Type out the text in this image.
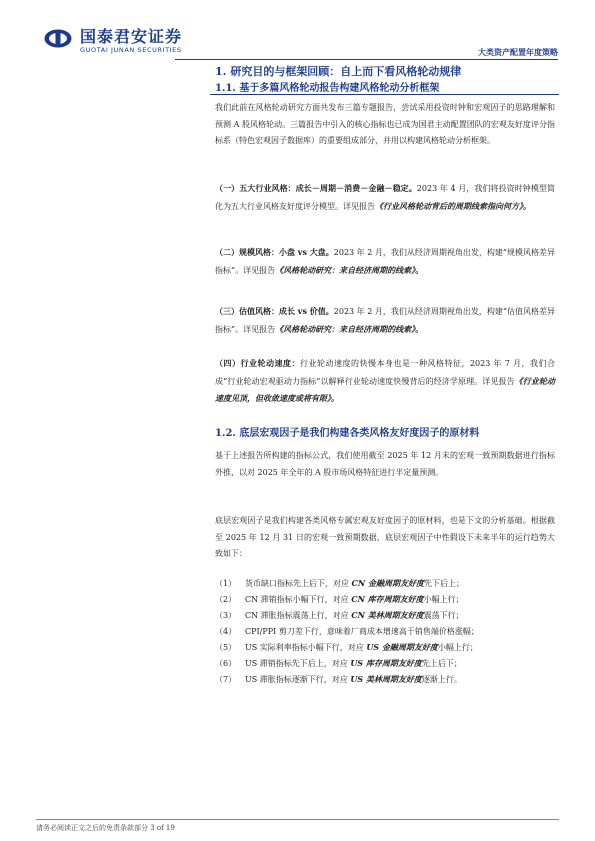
国泰君安证券
GUOTAI JUNAN SECURITIES	大类资产配置年度策略
1. 研究目的与框架回顾：自上而下看风格轮动规律
1.1. 基于多篇风格轮动报告构建风格轮动分析框架

我们此前在风格轮动研究方面共发布三篇专题报告，尝试采用投资时钟和宏观因子的思路理解和预测 A 股风格轮动。三篇报告中引入的核心指标也已成为国君主动配置团队的宏观友好度评分指标系（特色宏观因子数据库）的重要组成部分，并用以构建风格轮动分析框架。

（一）五大行业风格：成长－周期－消费－金融－稳定。2023 年 4 月，我们将投资时钟模型简化为五大行业风格友好度评分模型。详见报告《行业风格轮动背后的周期线索指向何方》。

（二）规模风格：小盘 vs 大盘。2023 年 2 月，我们从经济周期视角出发，构建“规模风格差异指标”。详见报告《风格轮动研究：来自经济周期的线索》。

（三）估值风格：成长 vs 价值。2023 年 2 月，我们从经济周期视角出发，构建“估值风格差异指标”。详见报告《风格轮动研究：来自经济周期的线索》。

（四）行业轮动速度：行业轮动速度的快慢本身也是一种风格特征，2023 年 7 月，我们合成“行业轮动宏观驱动力指标”以解释行业轮动速度快慢背后的经济学原理。详见报告《行业轮动速度见顶，但收敛速度或将有限》。

1.2. 底层宏观因子是我们构建各类风格友好度因子的原材料

基于上述报告所构建的指标公式，我们使用截至 2025 年 12 月末的宏观一致预期数据进行指标外推，以对 2025 年全年的 A 股市场风格特征进行半定量预测。

底层宏观因子是我们构建各类风格专属宏观友好度因子的原材料，也是下文的分析基础。根据截至 2025 年 12 月 31 日的宏观一致预期数据，底层宏观因子中性假设下未来半年的运行趋势大致如下：

（1） 货币缺口指标先上后下，对应 CN 金融周期友好度先下后上；
（2） CN 滞销指标小幅下行，对应 CN 库存周期友好度小幅上行；
（3） CN 滞胀指标震荡上行，对应 CN 美林周期友好度震荡下行；
（4） CPI/PPI 剪刀差下行，意味着厂商成本增速高于销售端价格涨幅；
（5） US 实际利率指标小幅下行，对应 US 金融周期友好度小幅上行；
（6） US 滞销指标先下后上，对应 US 库存周期友好度先上后下；
（7） US 滞胀指标逐渐下行，对应 US 美林周期友好度逐渐上行。
请务必阅读正文之后的免责条款部分 3 of 19
